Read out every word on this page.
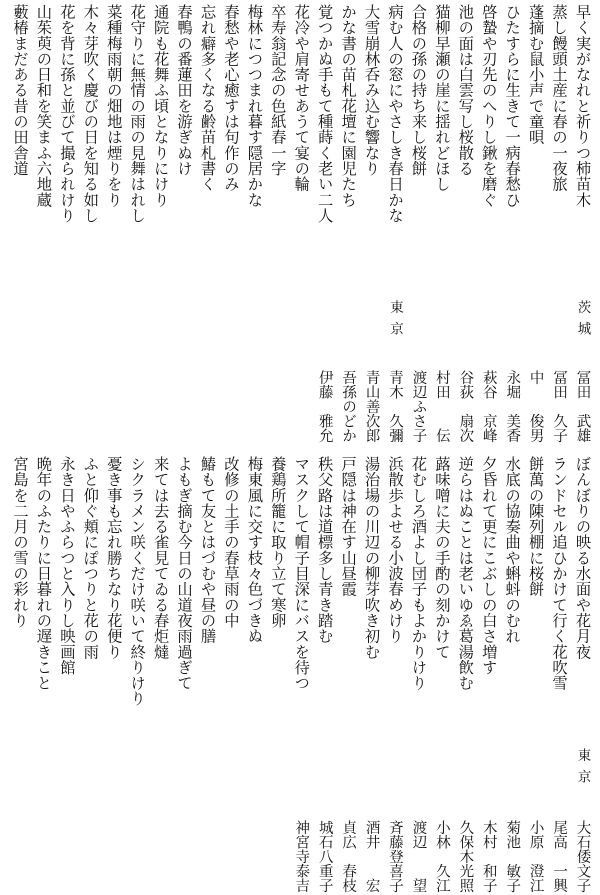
早く実がなれと祈りつ柿苗木
茨城
冨田　武雄
蒸し饅頭土産に春の一夜旅
冨田　久子
蓬摘む鼠小声で童唄
中　　俊男
ひたすらに生きて一病春愁ひ
永堀　美香
啓蟄や刃先のへりし鍬を磨ぐ
萩谷　京峰
池の面は白雲写し桜散る
谷荻　扇次
猫柳早瀬の崖に揺れどほし
村田　　伝
合格の孫の持ち来し桜餅
渡辺ふさ子
病む人の窓にやさしき春日かな
東京
青木　久彌
大雪崩林呑み込む響なり
青山善次郎
かな書の苗札花壇に園児たち
吾孫のどか
覚つかぬ手もて種蒔く老い二人
伊藤　雅允
花冷や肩寄せあうて宴の輪
卒寿翁記念の色紙春一字
梅林につつまれ暮す隠居かな
春愁や老心癒すは句作のみ
忘れ癖多くなる齢苗札書く
春鴨の番蓮田を游ぎぬけ
通院も花舞ふ頃となりにけり
花守りに無情の雨の見舞はれし
菜種梅雨朝の畑地は煙りをり
木々芽吹く慶びの日を知る如し
花を背に孫と並びて撮られけり
山茱萸の日和を笑まふ六地蔵
藪椿まだある昔の田舎道
ぼんぼりの映る水面や花月夜
東京
大石倭文子
ランドセル追ひかけて行く花吹雪
尾高　一興
餅萬の陳列棚に桜餅
小原　澄江
水底の協奏曲や蝌蚪のむれ
菊池　敏子
夕昏れて更にこぶしの白さ増す
木村　和子
逆らはぬことは老いゆゑ葛湯飲む
久保木光照
蕗味噌に夫の手酌の刻かけて
小林　久江
花むしろ酒よし団子もよかりけり
渡辺　　望
浜散歩よせる小波春めけり
斉藤登喜子
湯治場の川辺の柳芽吹き初む
酒井　　宏
戸隠は神在す山昼霞
貞広　春枝
秩父路は道標多し青き踏む
城石八重子
マスクして帽子目深にバスを待つ
神宮寺泰吉
養鶏所籠に取り立て寒卵
梅東風に交す枝々色づきぬ
改修の土手の春草雨の中
鰆もて友とはづむや昼の膳
よもぎ摘む今日の山道夜雨過ぎて
来ては去る雀見てゐる春炬燵
シクラメン咲くだけ咲いて終りけり
憂き事も忘れ勝ちなり花便り
ふと仰ぐ頬にぽつりと花の雨
永き日やふらつと入りし映画館
晩年のふたりに日暮れの遅きこと
宮島を二月の雪の彩れり
